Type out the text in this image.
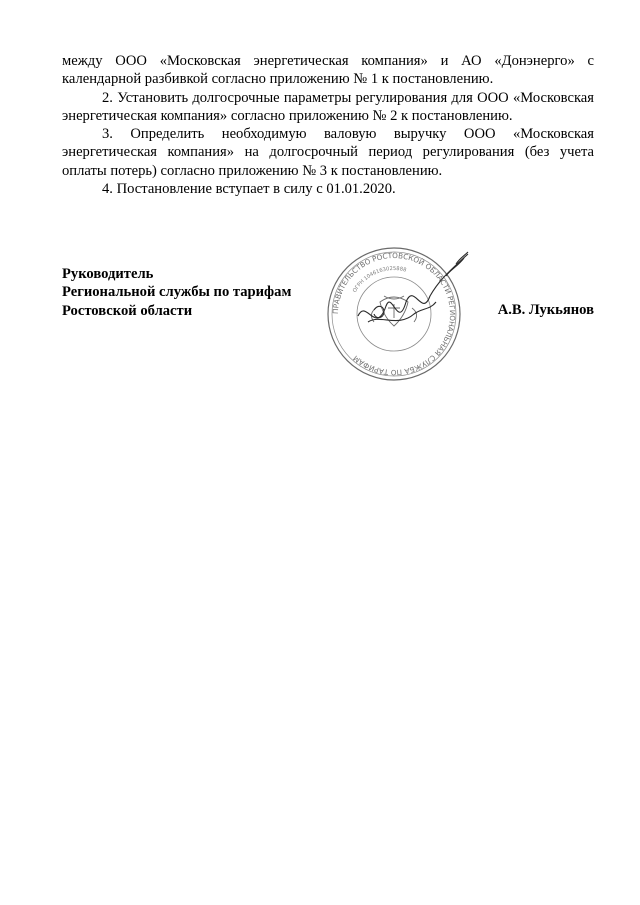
между ООО «Московская энергетическая компания» и АО «Донэнерго» с календарной разбивкой согласно приложению № 1 к постановлению.

2. Установить долгосрочные параметры регулирования для ООО «Московская энергетическая компания» согласно приложению № 2 к постановлению.

3. Определить необходимую валовую выручку ООО «Московская энергетическая компания» на долгосрочный период регулирования (без учета оплаты потерь) согласно приложению № 3 к постановлению.

4. Постановление вступает в силу с 01.01.2020.

Руководитель
Региональной службы по тарифам
Ростовской области	А.В. Лукьянов
ПРАВИТЕЛЬСТВО РОСТОВСКОЙ ОБЛАСТИ РЕГИОНАЛЬНАЯ СЛУЖБА ПО ТАРИФАМ
ОГРН 1046163025888
